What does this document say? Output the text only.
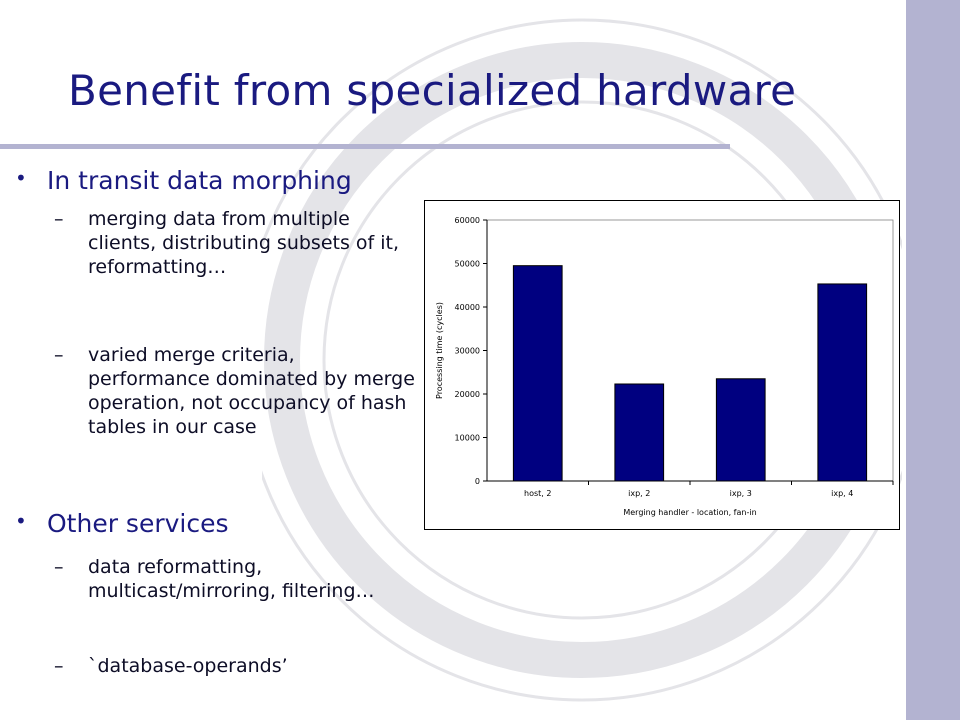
Benefit from specialized hardware
• In transit data morphing
– merging data from multiple clients, distributing subsets of it, reformatting…
– varied merge criteria, performance dominated by merge operation, not occupancy of hash tables in our case
• Other services
– data reformatting, multicast/mirroring, filtering…
– `database-operands’
0
10000
20000
30000
40000
50000
60000
host, 2	ixp, 2	ixp, 3	ixp, 4
Merging handler - location, fan-in
Processing time (cycles)
